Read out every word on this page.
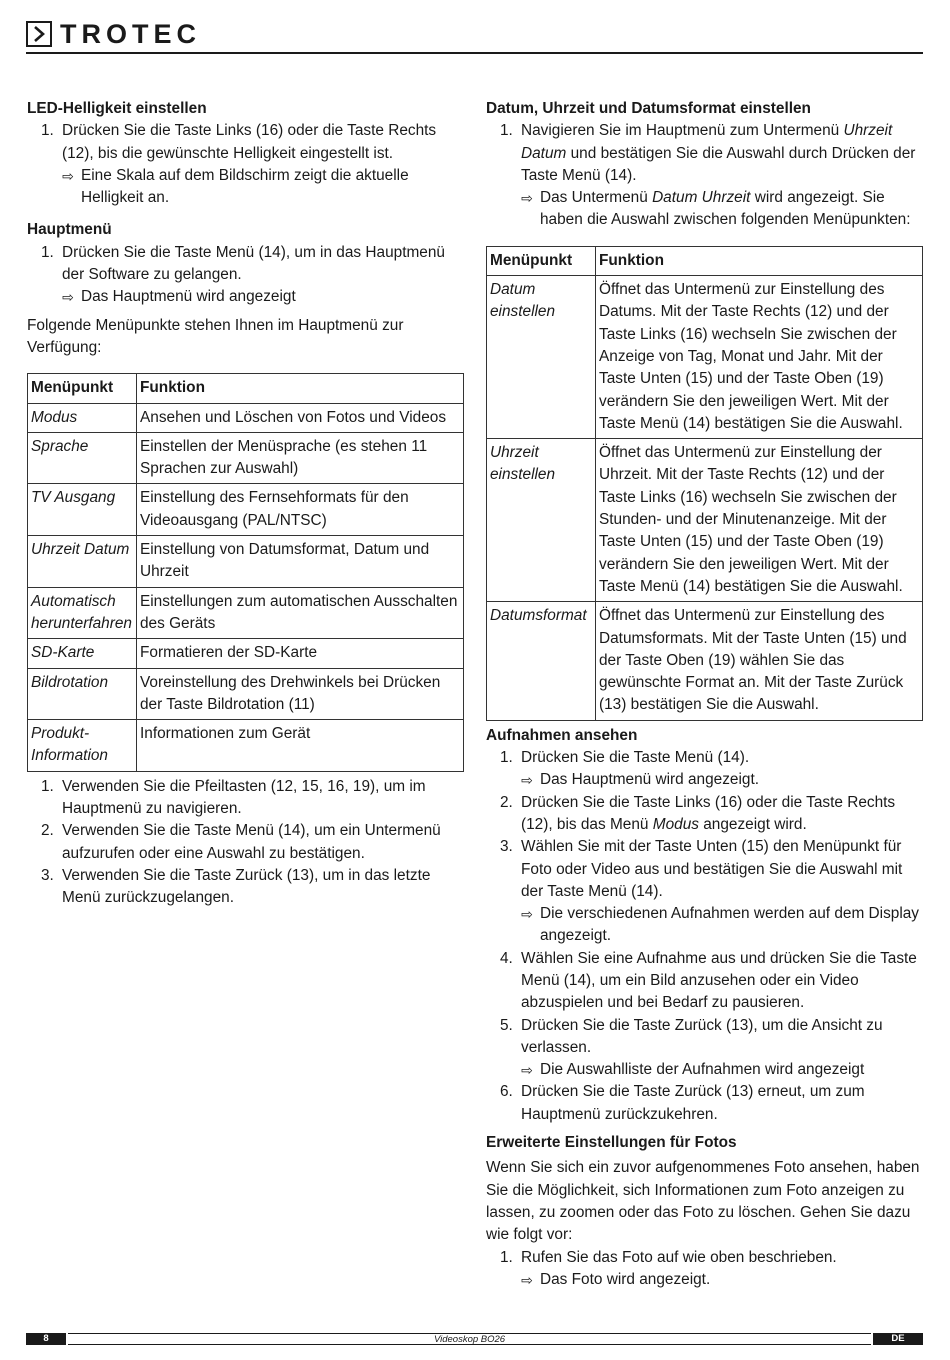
TROTEC
LED-Helligkeit einstellen
1. Drücken Sie die Taste Links (16) oder die Taste Rechts (12), bis die gewünschte Helligkeit eingestellt ist.
⇨ Eine Skala auf dem Bildschirm zeigt die aktuelle Helligkeit an.
Hauptmenü
1. Drücken Sie die Taste Menü (14), um in das Hauptmenü der Software zu gelangen.
⇨ Das Hauptmenü wird angezeigt

Folgende Menüpunkte stehen Ihnen im Hauptmenü zur Verfügung:

Menüpunkt	Funktion
Modus	Ansehen und Löschen von Fotos und Videos
Sprache	Einstellen der Menüsprache (es stehen 11 Sprachen zur Auswahl)
TV Ausgang	Einstellung des Fernsehformats für den Videoausgang (PAL/NTSC)
Uhrzeit Datum	Einstellung von Datumsformat, Datum und Uhrzeit
Automatisch herunterfahren	Einstellungen zum automatischen Ausschalten des Geräts
SD-Karte	Formatieren der SD-Karte
Bildrotation	Voreinstellung des Drehwinkels bei Drücken der Taste Bildrotation (11)
Produkt-Information	Informationen zum Gerät
1. Verwenden Sie die Pfeiltasten (12, 15, 16, 19), um im Hauptmenü zu navigieren.
2. Verwenden Sie die Taste Menü (14), um ein Untermenü aufzurufen oder eine Auswahl zu bestätigen.
3. Verwenden Sie die Taste Zurück (13), um in das letzte Menü zurückzugelangen.
Datum, Uhrzeit und Datumsformat einstellen
1. Navigieren Sie im Hauptmenü zum Untermenü Uhrzeit Datum und bestätigen Sie die Auswahl durch Drücken der Taste Menü (14).
⇨ Das Untermenü Datum Uhrzeit wird angezeigt. Sie haben die Auswahl zwischen folgenden Menüpunkten:
Menüpunkt	Funktion
Datum einstellen	Öffnet das Untermenü zur Einstellung des Datums. Mit der Taste Rechts (12) und der Taste Links (16) wechseln Sie zwischen der Anzeige von Tag, Monat und Jahr. Mit der Taste Unten (15) und der Taste Oben (19) verändern Sie den jeweiligen Wert. Mit der Taste Menü (14) bestätigen Sie die Auswahl.
Uhrzeit einstellen	Öffnet das Untermenü zur Einstellung der Uhrzeit. Mit der Taste Rechts (12) und der Taste Links (16) wechseln Sie zwischen der Stunden- und der Minutenanzeige. Mit der Taste Unten (15) und der Taste Oben (19) verändern Sie den jeweiligen Wert. Mit der Taste Menü (14) bestätigen Sie die Auswahl.
Datumsformat	Öffnet das Untermenü zur Einstellung des Datumsformats. Mit der Taste Unten (15) und der Taste Oben (19) wählen Sie das gewünschte Format an. Mit der Taste Zurück (13) bestätigen Sie die Auswahl.
Aufnahmen ansehen
1. Drücken Sie die Taste Menü (14).
⇨ Das Hauptmenü wird angezeigt.
2. Drücken Sie die Taste Links (16) oder die Taste Rechts (12), bis das Menü Modus angezeigt wird.
3. Wählen Sie mit der Taste Unten (15) den Menüpunkt für Foto oder Video aus und bestätigen Sie die Auswahl mit der Taste Menü (14).
⇨ Die verschiedenen Aufnahmen werden auf dem Display angezeigt.
4. Wählen Sie eine Aufnahme aus und drücken Sie die Taste Menü (14), um ein Bild anzusehen oder ein Video abzuspielen und bei Bedarf zu pausieren.
5. Drücken Sie die Taste Zurück (13), um die Ansicht zu verlassen.
⇨ Die Auswahlliste der Aufnahmen wird angezeigt
6. Drücken Sie die Taste Zurück (13) erneut, um zum Hauptmenü zurückzukehren.
Erweiterte Einstellungen für Fotos

Wenn Sie sich ein zuvor aufgenommenes Foto ansehen, haben Sie die Möglichkeit, sich Informationen zum Foto anzeigen zu lassen, zu zoomen oder das Foto zu löschen. Gehen Sie dazu wie folgt vor:

1. Rufen Sie das Foto auf wie oben beschrieben.
⇨ Das Foto wird angezeigt.
8	Videoskop BO26	DE
